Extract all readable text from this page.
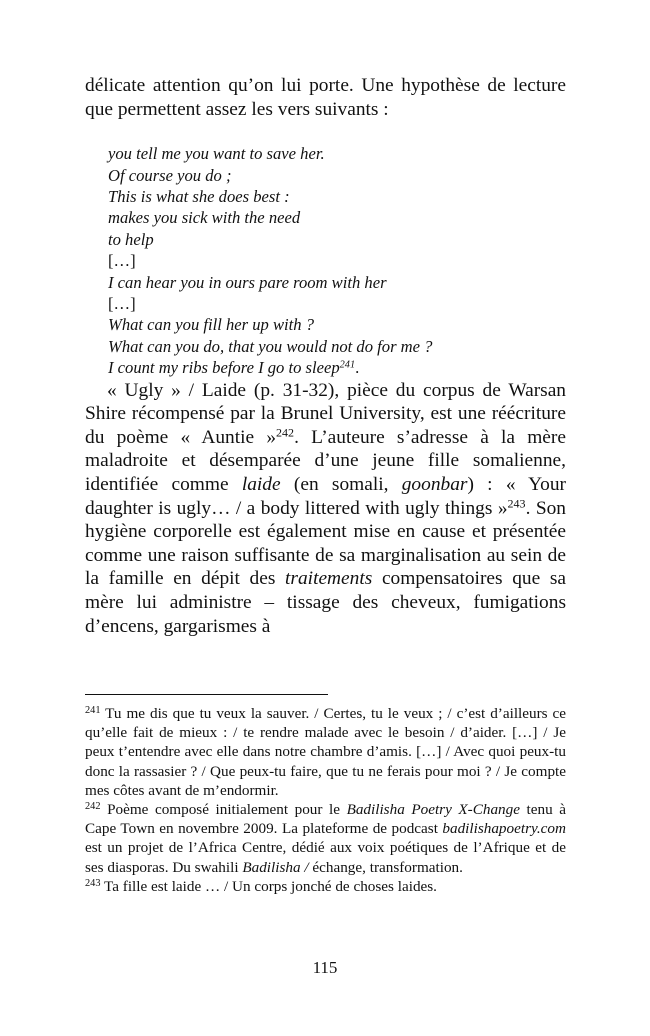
délicate attention qu’on lui porte. Une hypothèse de lecture que permettent assez les vers suivants :

you tell me you want to save her.
Of course you do ;
This is what she does best :
makes you sick with the need
to help
[…]
I can hear you in ours pare room with her
[…]
What can you fill her up with ?
What can you do, that you would not do for me ?
I count my ribs before I go to sleep$^{241}$.

« Ugly » / Laide (p. 31-32), pièce du corpus de Warsan Shire récompensé par la Brunel University, est une réécriture du poème « Auntie »$^{242}$. L’auteure s’adresse à la mère maladroite et désemparée d’une jeune fille somalienne, identifiée comme laide (en somali, goonbar) : « Your daughter is ugly… / a body littered with ugly things »$^{243}$. Son hygiène corporelle est également mise en cause et présentée comme une raison suffisante de sa marginalisation au sein de la famille en dépit des traitements compensatoires que sa mère lui administre – tissage des cheveux, fumigations d’encens, gargarismes à

$^{241}$ Tu me dis que tu veux la sauver. / Certes, tu le veux ; / c’est d’ailleurs ce qu’elle fait de mieux : / te rendre malade avec le besoin / d’aider. […] / Je peux t’entendre avec elle dans notre chambre d’amis. […] / Avec quoi peux-tu donc la rassasier ? / Que peux-tu faire, que tu ne ferais pour moi ? / Je compte mes côtes avant de m’endormir.

$^{242}$ Poème composé initialement pour le Badilisha Poetry X-Change tenu à Cape Town en novembre 2009. La plateforme de podcast badilishapoetry.com est un projet de l’Africa Centre, dédié aux voix poétiques de l’Afrique et de ses diasporas. Du swahili Badilisha / échange, transformation.

$^{243}$ Ta fille est laide … / Un corps jonché de choses laides.

115
